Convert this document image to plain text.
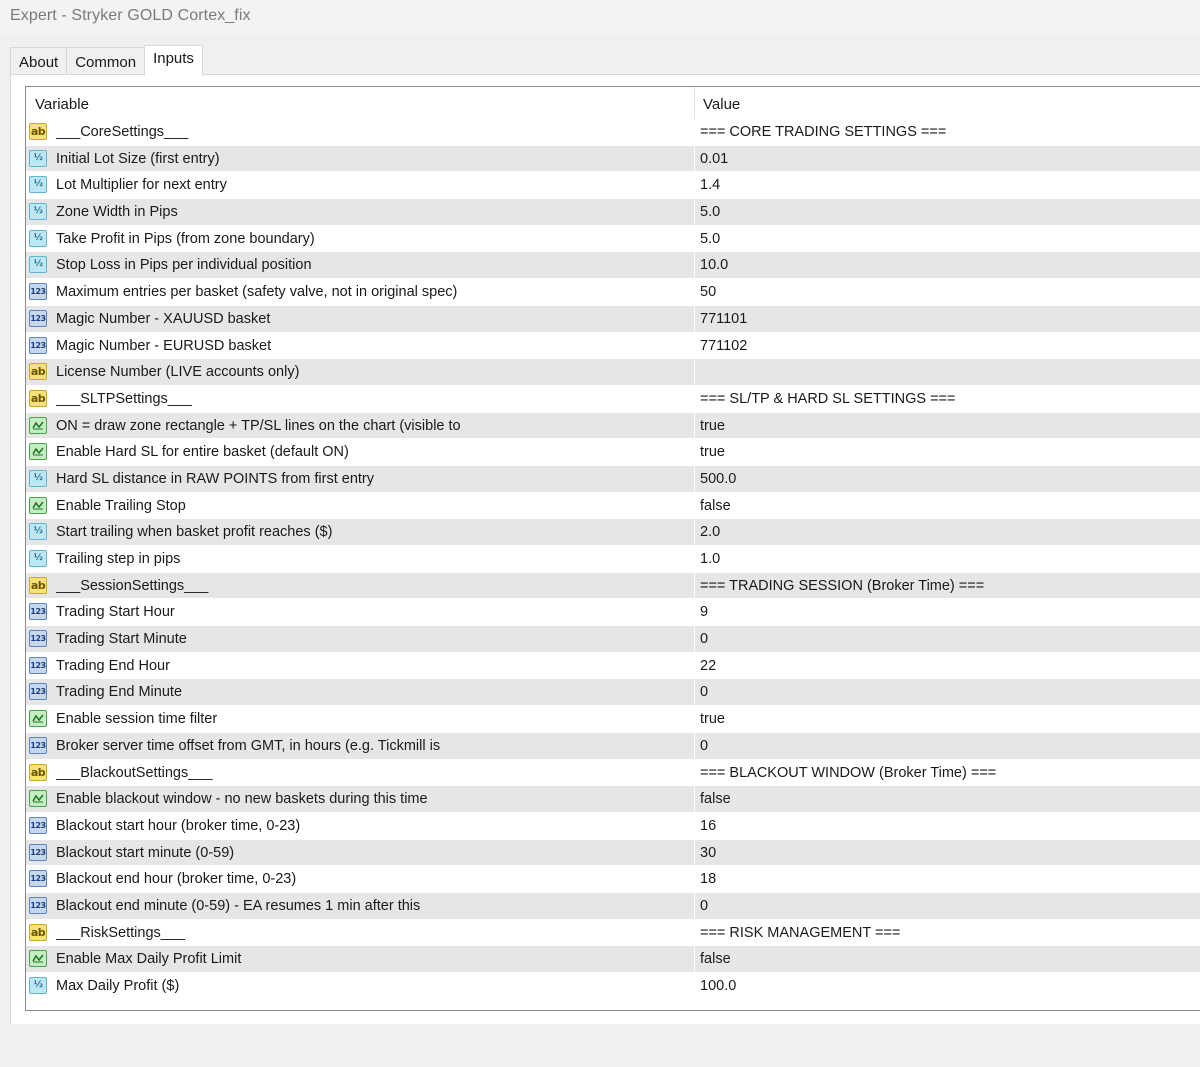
Expert - Stryker GOLD Cortex_fix
About	Common	Inputs
Variable	Value
ab ___CoreSettings___	=== CORE TRADING SETTINGS ===
½ Initial Lot Size (first entry)	0.01
½ Lot Multiplier for next entry	1.4
½ Zone Width in Pips	5.0
½ Take Profit in Pips (from zone boundary)	5.0
½ Stop Loss in Pips per individual position	10.0
123 Maximum entries per basket (safety valve, not in original spec)	50
123 Magic Number - XAUUSD basket	771101
123 Magic Number - EURUSD basket	771102
ab License Number (LIVE accounts only)
ab ___SLTPSettings___	=== SL/TP & HARD SL SETTINGS ===
ON = draw zone rectangle + TP/SL lines on the chart (visible to	true
Enable Hard SL for entire basket (default ON)	true
½ Hard SL distance in RAW POINTS from first entry	500.0
Enable Trailing Stop	false
½ Start trailing when basket profit reaches ($)	2.0
½ Trailing step in pips	1.0
ab ___SessionSettings___	=== TRADING SESSION (Broker Time) ===
123 Trading Start Hour	9
123 Trading Start Minute	0
123 Trading End Hour	22
123 Trading End Minute	0
Enable session time filter	true
123 Broker server time offset from GMT, in hours (e.g. Tickmill is	0
ab ___BlackoutSettings___	=== BLACKOUT WINDOW (Broker Time) ===
Enable blackout window - no new baskets during this time	false
123 Blackout start hour (broker time, 0-23)	16
123 Blackout start minute (0-59)	30
123 Blackout end hour (broker time, 0-23)	18
123 Blackout end minute (0-59) - EA resumes 1 min after this	0
ab ___RiskSettings___	=== RISK MANAGEMENT ===
Enable Max Daily Profit Limit	false
½ Max Daily Profit ($)	100.0
